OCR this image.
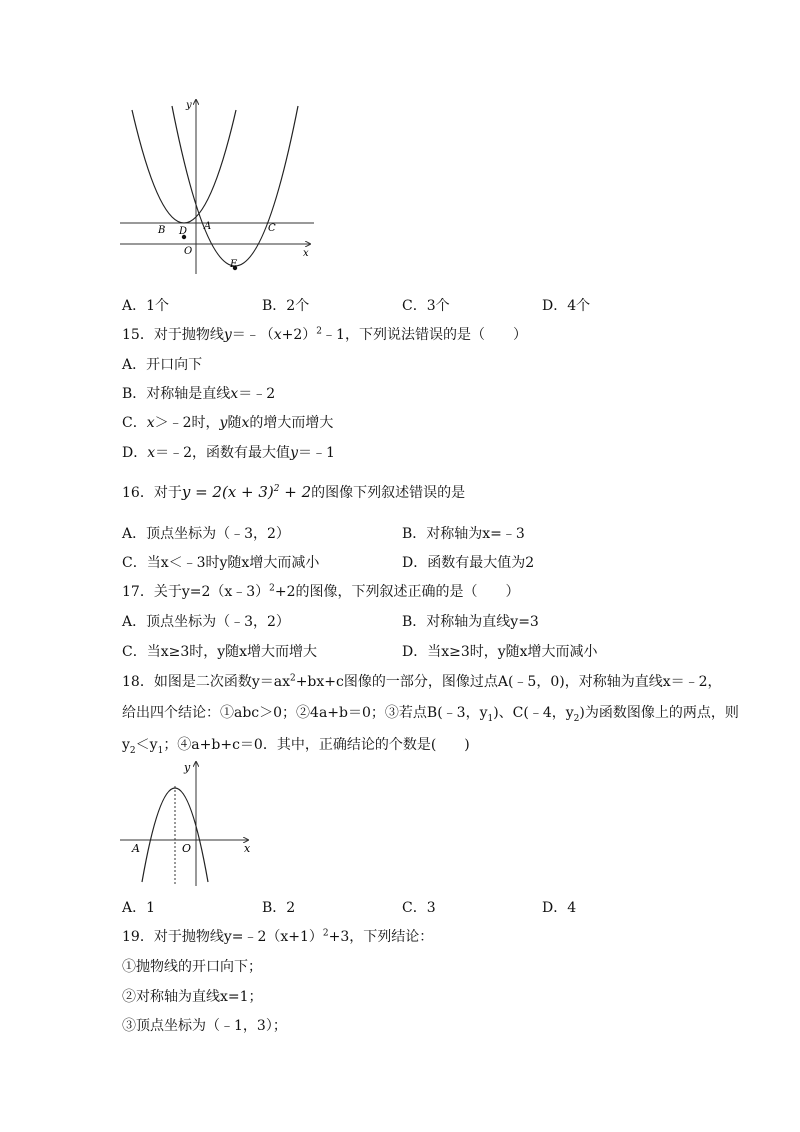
y
x
B D A	C
O
E
A．1个	B．2个	C．3个	D．4个
15．对于抛物线$y=﹣(x+2)^2﹣1$，下列说法错误的是（　　）
A．开口向下
B．对称轴是直线x＝﹣2
C．x＞﹣2时，y随x的增大而增大
D．x＝﹣2，函数有最大值y＝﹣1
16．对于$y = 2(x + 3)^2 + 2$的图像下列叙述错误的是
A．顶点坐标为（﹣3，2）	B．对称轴为x=﹣3
C．当x＜﹣3时y随x增大而减小	D．函数有最大值为2
17．关于y=2（x﹣3）$^2$+2的图像，下列叙述正确的是（　　）
A．顶点坐标为（﹣3，2）	B．对称轴为直线y=3
C．当x≥3时，y随x增大而增大	D．当x≥3时，y随x增大而减小
18．如图是二次函数$y=ax^2+bx+c$图像的一部分，图像过点A(﹣5，0)，对称轴为直线x＝﹣2，
给出四个结论：①abc＞0；②4a+b＝0；③若点B(﹣3，$y_1$)、C(﹣4，$y_2$)为函数图像上的两点，则
$y_2<y_1$；④a+b+c＝0．其中，正确结论的个数是(　　)
y
x
A	O
A．1	B．2	C．3	D．4
19．对于抛物线$y=﹣2(x+1)^2+3$，下列结论：
①抛物线的开口向下；
②对称轴为直线x=1；
③顶点坐标为（﹣1，3）；
